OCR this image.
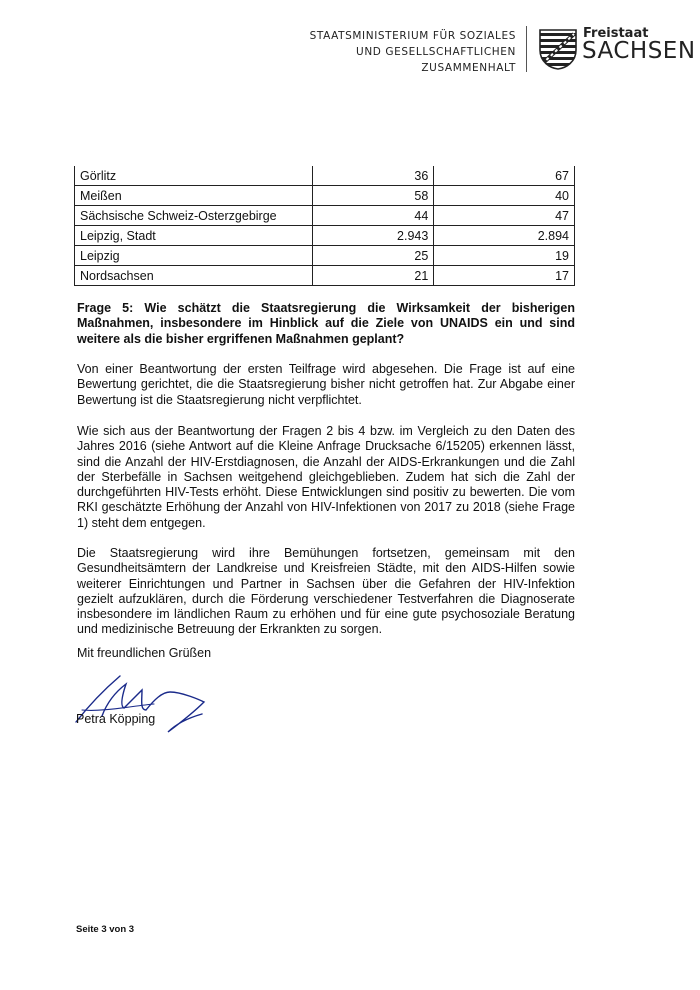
STAATSMINISTERIUM FÜR SOZIALES
UND GESELLSCHAFTLICHEN
ZUSAMMENHALT
Freistaat
SACHSEN
Görlitz	36	67
Meißen	58	40
Sächsische Schweiz-Osterzgebirge	44	47
Leipzig, Stadt	2.943	2.894
Leipzig	25	19
Nordsachsen	21	17

Frage 5: Wie schätzt die Staatsregierung die Wirksamkeit der bisherigen Maßnahmen, insbesondere im Hinblick auf die Ziele von UNAIDS ein und sind weitere als die bisher ergriffenen Maßnahmen geplant?

Von einer Beantwortung der ersten Teilfrage wird abgesehen. Die Frage ist auf eine Bewertung gerichtet, die die Staatsregierung bisher nicht getroffen hat. Zur Abgabe einer Bewertung ist die Staatsregierung nicht verpflichtet.

Wie sich aus der Beantwortung der Fragen 2 bis 4 bzw. im Vergleich zu den Daten des Jahres 2016 (siehe Antwort auf die Kleine Anfrage Drucksache 6/15205) erkennen lässt, sind die Anzahl der HIV-Erstdiagnosen, die Anzahl der AIDS-Erkrankungen und die Zahl der Sterbefälle in Sachsen weitgehend gleichgeblieben. Zudem hat sich die Zahl der durchgeführten HIV-Tests erhöht. Diese Entwicklungen sind positiv zu bewerten. Die vom RKI geschätzte Erhöhung der Anzahl von HIV-Infektionen von 2017 zu 2018 (siehe Frage 1) steht dem entgegen.

Die Staatsregierung wird ihre Bemühungen fortsetzen, gemeinsam mit den Gesundheitsämtern der Landkreise und Kreisfreien Städte, mit den AIDS-Hilfen sowie weiterer Einrichtungen und Partner in Sachsen über die Gefahren der HIV-Infektion gezielt aufzuklären, durch die Förderung verschiedener Testverfahren die Diagnoserate insbesondere im ländlichen Raum zu erhöhen und für eine gute psychosoziale Beratung und medizinische Betreuung der Erkrankten zu sorgen.

Mit freundlichen Grüßen

Petra Köpping
Seite 3 von 3
